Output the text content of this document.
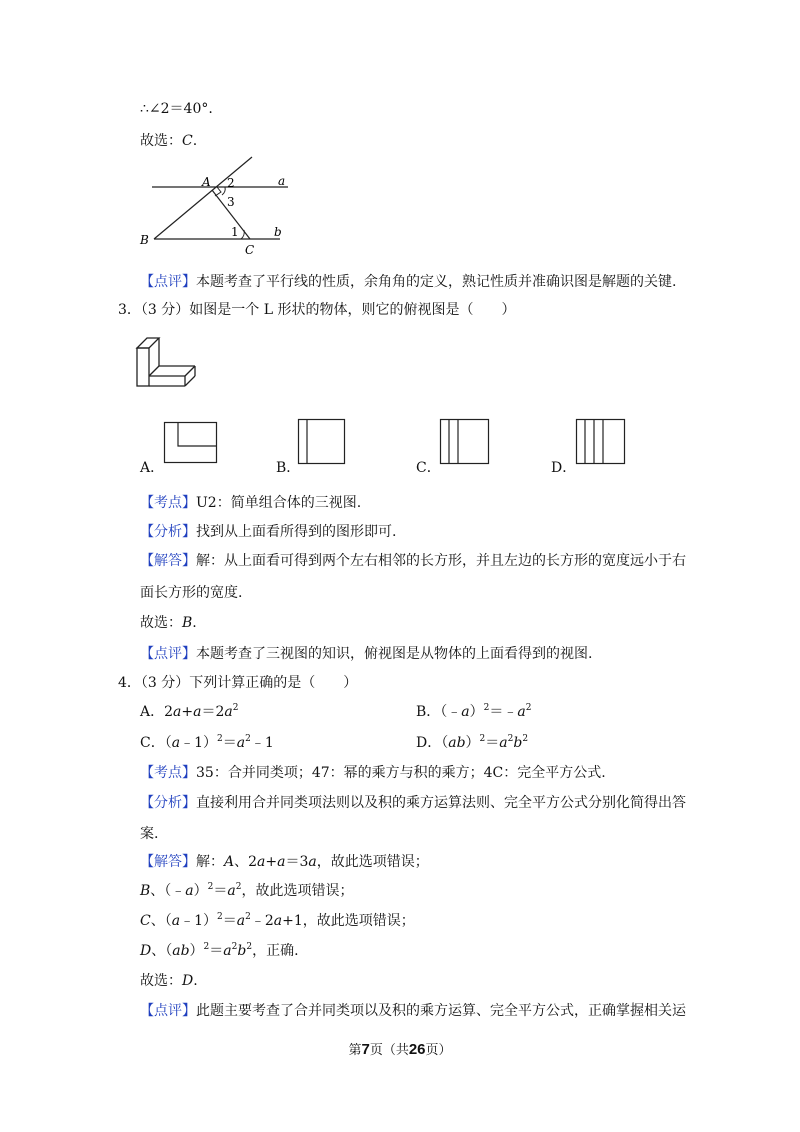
∴∠2＝40°.
故选：C.
A 2	a
3
B
1	b
C
【点评】本题考查了平行线的性质，余角角的定义，熟记性质并准确识图是解题的关键.
3．（3 分）如图是一个 L 形状的物体，则它的俯视图是（　　）
A．	B．	C．	D．
【考点】U2：简单组合体的三视图.
【分析】找到从上面看所得到的图形即可.
【解答】解：从上面看可得到两个左右相邻的长方形，并且左边的长方形的宽度远小于右
面长方形的宽度.
故选：B.
【点评】本题考查了三视图的知识，俯视图是从物体的上面看得到的视图.
4．（3 分）下列计算正确的是（　　）
A．$2a+a=2a^2$	B．$(﹣a)^2=﹣a^2$
C．$(a﹣1)^2=a^2﹣1$	D．$(ab)^2=a^2b^2$
【考点】35：合并同类项；47：幂的乘方与积的乘方；4C：完全平方公式.
【分析】直接利用合并同类项法则以及积的乘方运算法则、完全平方公式分别化简得出答
案.
【解答】解：A、2a+a＝3a，故此选项错误；
B、$(﹣a)^2=a^2$，故此选项错误；
C、$(a﹣1)^2=a^2﹣2a+1$，故此选项错误；
D、$(ab)^2=a^2b^2$，正确.
故选：D.
【点评】此题主要考查了合并同类项以及积的乘方运算、完全平方公式，正确掌握相关运
第7页（共26页）
